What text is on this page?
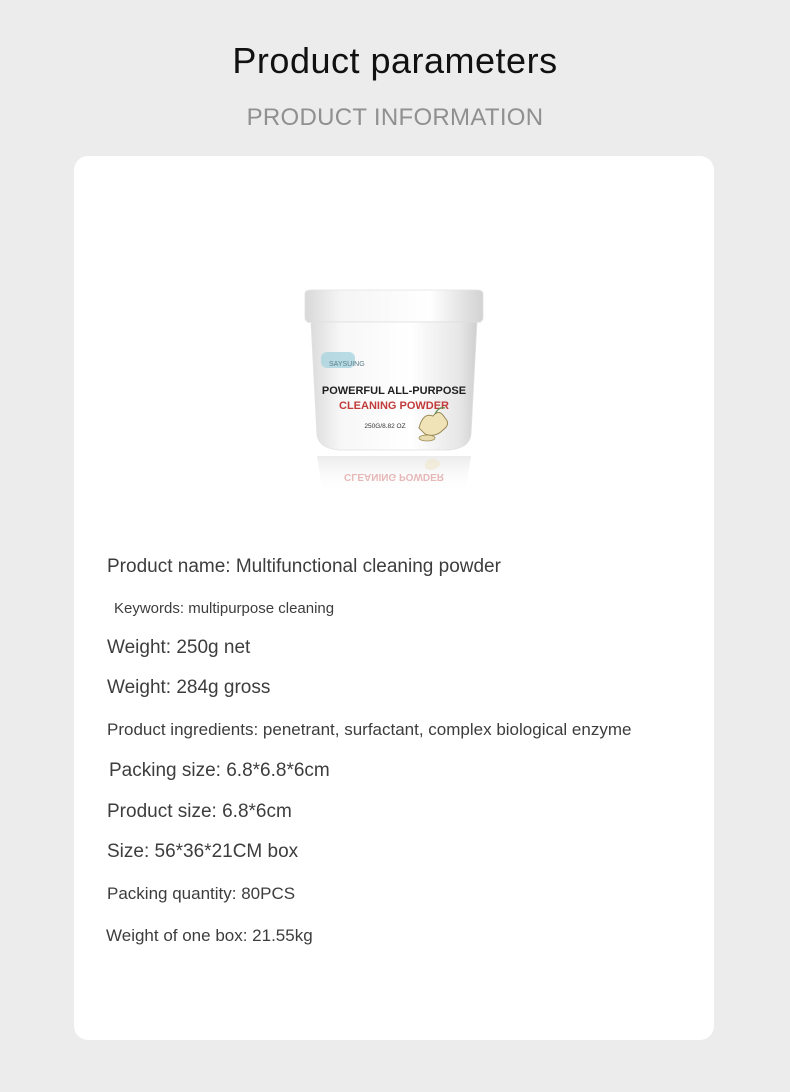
Product parameters
PRODUCT INFORMATION
SAYSUING
POWERFUL ALL-PURPOSE
CLEANING POWDER
250G/8.82 OZ
CLEANING POWDER
Product name: Multifunctional cleaning powder
Keywords: multipurpose cleaning
Weight: 250g net
Weight: 284g gross
Product ingredients: penetrant, surfactant, complex biological enzyme
Packing size: 6.8*6.8*6cm
Product size: 6.8*6cm
Size: 56*36*21CM box
Packing quantity: 80PCS
Weight of one box: 21.55kg
